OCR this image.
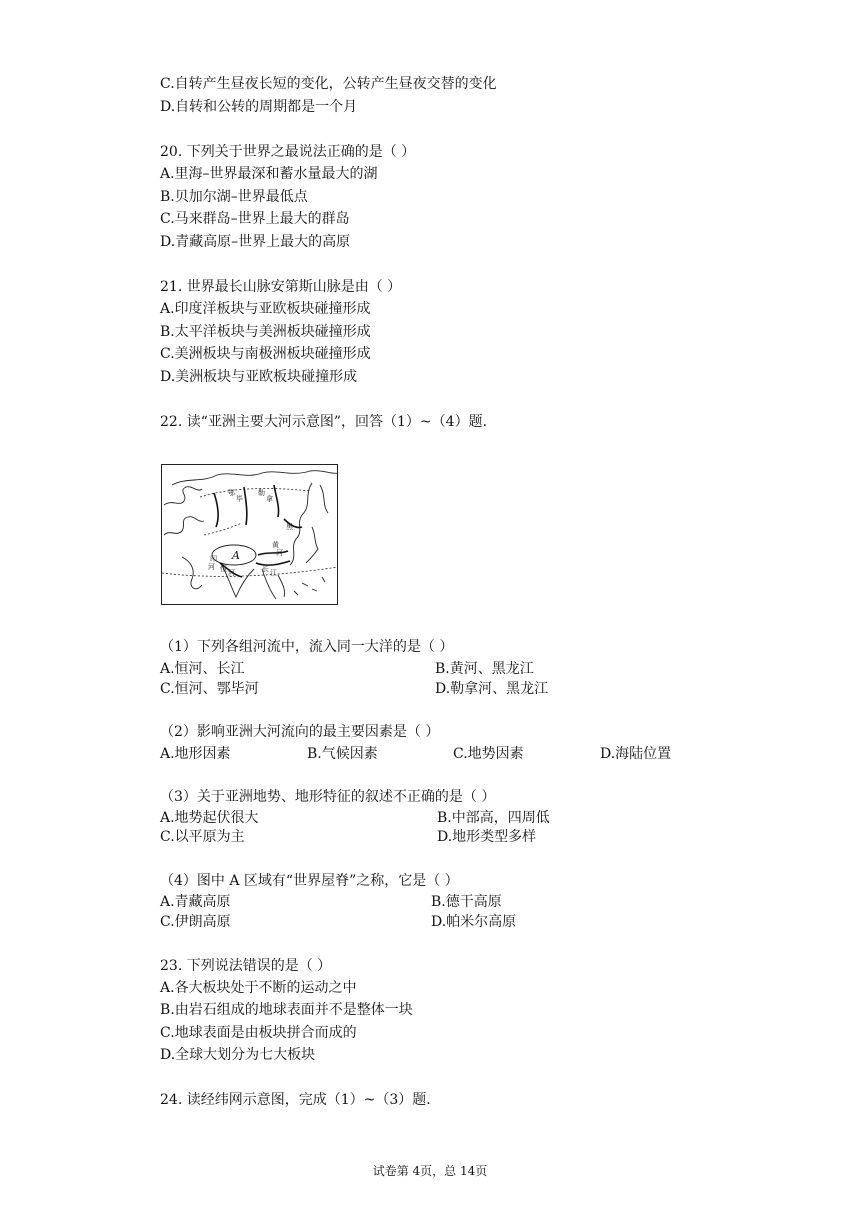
C.自转产生昼夜长短的变化，公转产生昼夜交替的变化
D.自转和公转的周期都是一个月
20. 下列关于世界之最说法正确的是（ ）
A.里海–世界最深和蓄水量最大的湖
B.贝加尔湖–世界最低点
C.马来群岛–世界上最大的群岛
D.青藏高原–世界上最大的高原
21. 世界最长山脉安第斯山脉是由（ ）
A.印度洋板块与亚欧板块碰撞形成
B.太平洋板块与美洲板块碰撞形成
C.美洲板块与南极洲板块碰撞形成
D.美洲板块与亚欧板块碰撞形成
22. 读“亚洲主要大河示意图”，回答（1）~（4）题.
鄂
毕
勒
拿
黑
黄
河
印
河 恒 河	长 江
A
（1）下列各组河流中，流入同一大洋的是（ ）
A.恒河、长江	B.黄河、黑龙江
C.恒河、鄂毕河	D.勒拿河、黑龙江
（2）影响亚洲大河流向的最主要因素是（ ）
A.地形因素	B.气候因素	C.地势因素	D.海陆位置
（3）关于亚洲地势、地形特征的叙述不正确的是（ ）
A.地势起伏很大	B.中部高，四周低
C.以平原为主	D.地形类型多样
（4）图中 A 区域有“世界屋脊”之称，它是（ ）
A.青藏高原	B.德干高原
C.伊朗高原	D.帕米尔高原
23. 下列说法错误的是（ ）
A.各大板块处于不断的运动之中
B.由岩石组成的地球表面并不是整体一块
C.地球表面是由板块拼合而成的
D.全球大划分为七大板块
24. 读经纬网示意图，完成（1）~（3）题.
试卷第 4页，总 14页
